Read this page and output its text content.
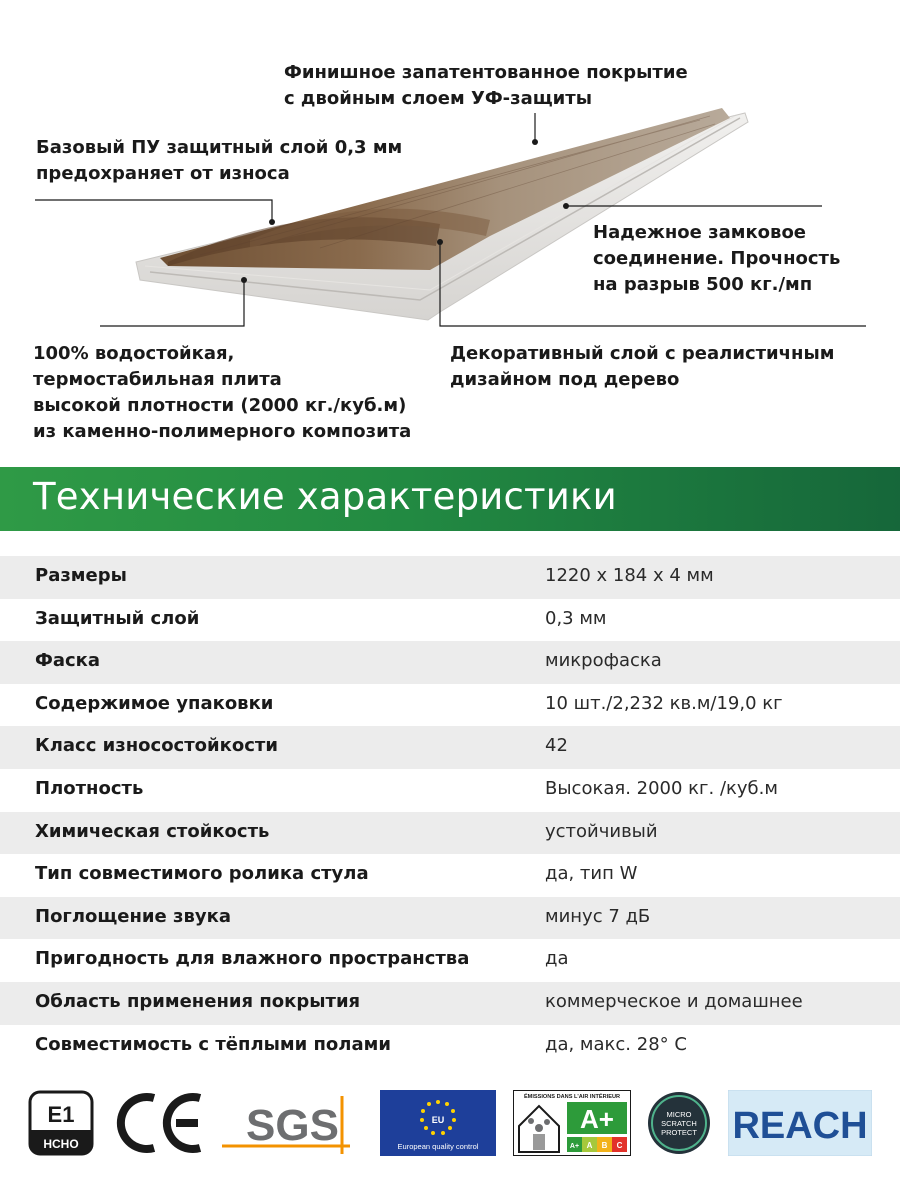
Финишное запатентованное покрытие
с двойным слоем УФ-защиты
Базовый ПУ защитный слой 0,3 мм
предохраняет от износа
Надежное замковое
соединение. Прочность
на разрыв 500 кг./мп
100% водостойкая,
термостабильная плита
высокой плотности (2000 кг./куб.м)
из каменно-полимерного композита
Декоративный слой с реалистичным
дизайном под дерево
Технические характеристики
Размеры	1220 х 184 х 4 мм
Защитный слой	0,3 мм
Фаска	микрофаска
Содержимое упаковки	10 шт./2,232 кв.м/19,0 кг
Класс износостойкости	42
Плотность	Высокая. 2000 кг. /куб.м
Химическая стойкость	устойчивый
Тип совместимого ролика стула	да, тип W
Поглощение звука	минус 7 дБ
Пригодность для влажного пространства	да
Область применения покрытия	коммерческое и домашнее
Совместимость с тёплыми полами	да, макс. 28° С
E1
HCHO	SGS	EU
European quality control
ÉMISSIONS DANS L'AIR INTÉRIEUR
A+
A+ A B C
MICRO
SCRATCH
PROTECT REACH
